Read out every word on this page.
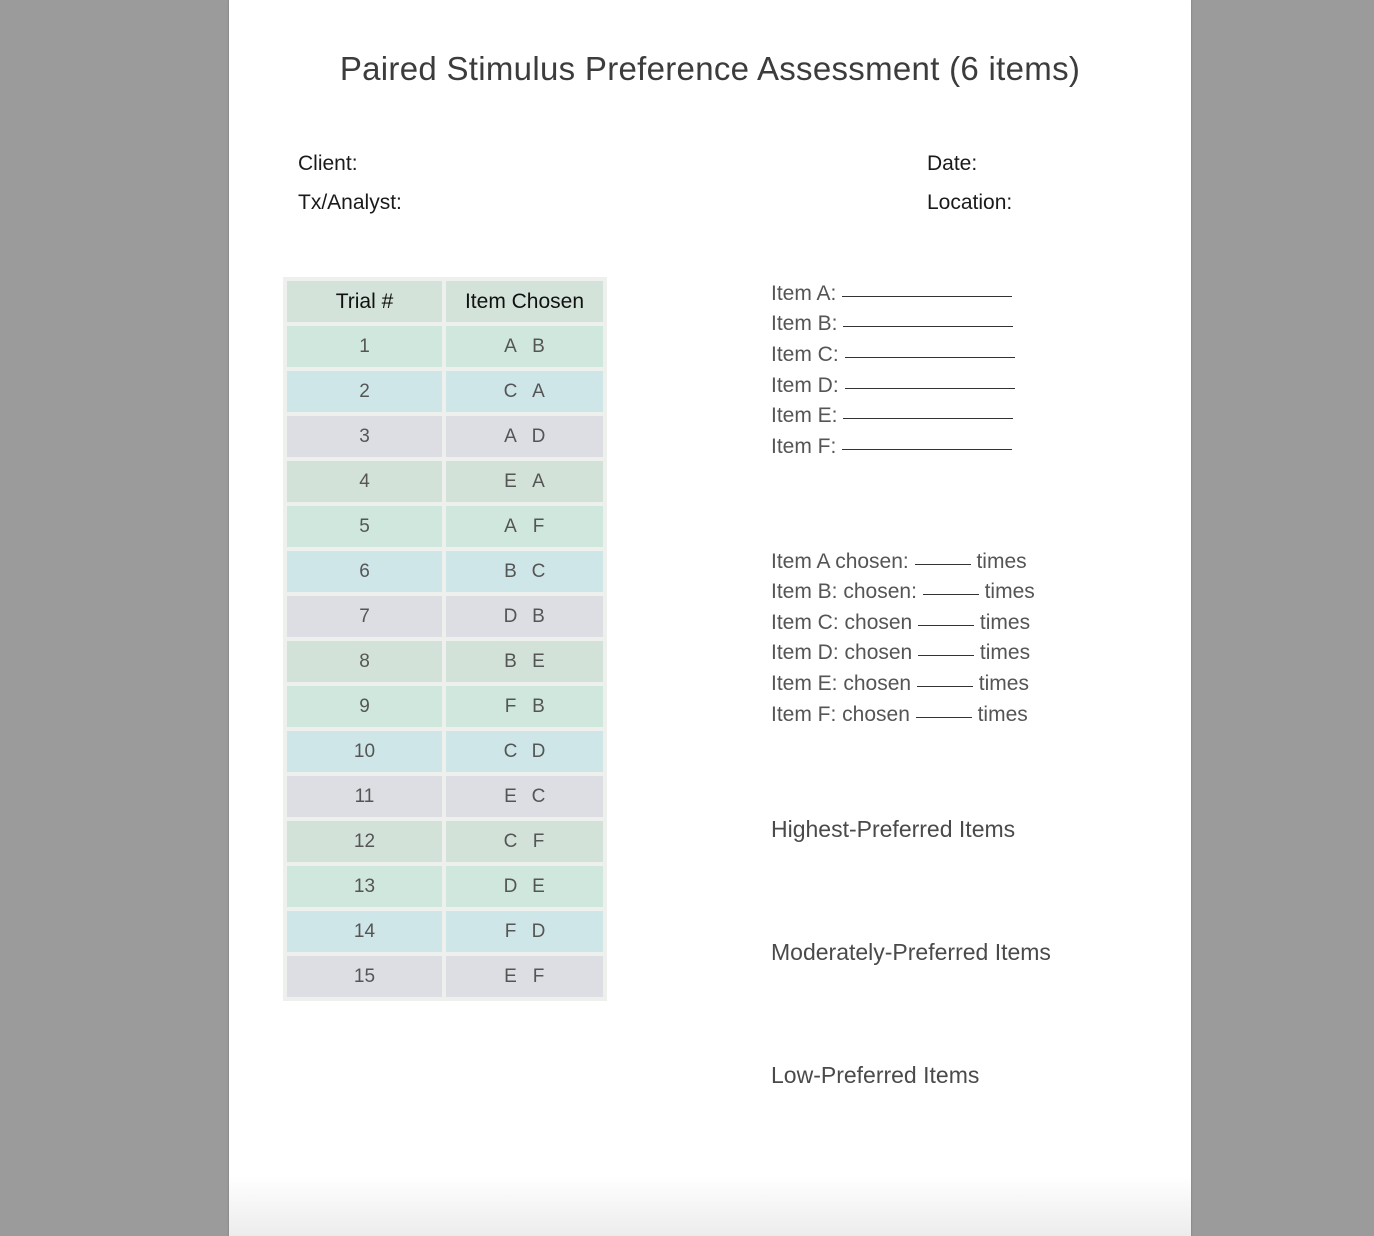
Paired Stimulus Preference Assessment (6 items)
Client:	Date:
Tx/Analyst:	Location:
Trial #	Item Chosen
1	A B
2	C A
3	A D
4	E A
5	A F
6	B C
7	D B
8	B E
9	F B
10	C D
11	E C
12	C F
13	D E
14	F D
15	E F
Item A:
Item B:
Item C:
Item D:
Item E:
Item F:
Item A chosen:	times
Item B: chosen:	times
Item C: chosen	times
Item D: chosen	times
Item E: chosen	times
Item F: chosen	times
Highest-Preferred Items
Moderately-Preferred Items
Low-Preferred Items
